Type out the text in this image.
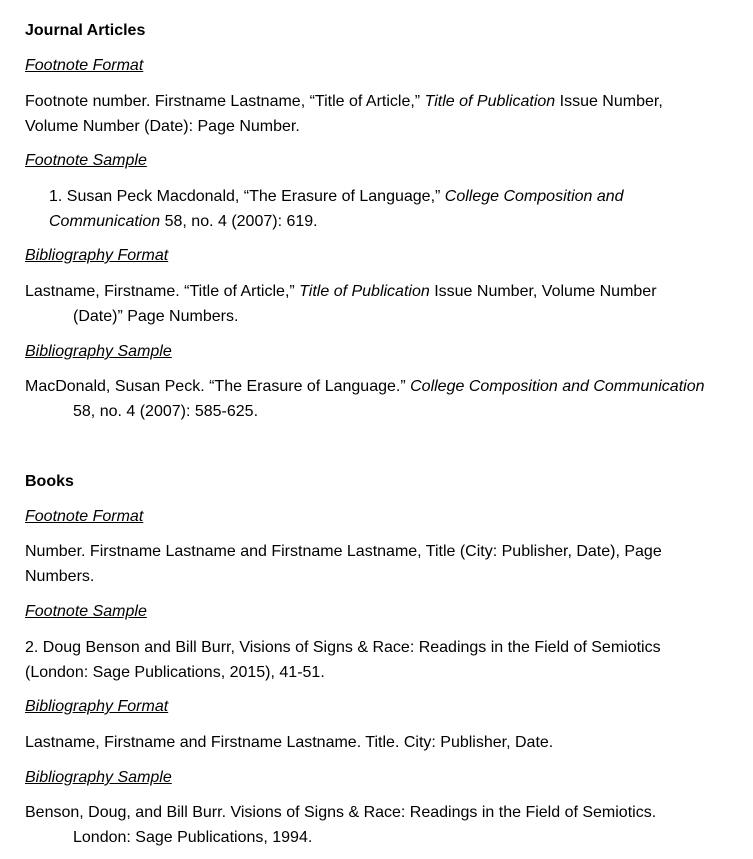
Journal Articles
Footnote Format
Footnote number. Firstname Lastname, “Title of Article,” Title of Publication Issue Number,
Volume Number (Date): Page Number.
Footnote Sample
1. Susan Peck Macdonald, “The Erasure of Language,” College Composition and
Communication 58, no. 4 (2007): 619.
Bibliography Format
Lastname, Firstname. “Title of Article,” Title of Publication Issue Number, Volume Number
(Date)” Page Numbers.
Bibliography Sample
MacDonald, Susan Peck. “The Erasure of Language.” College Composition and Communication
58, no. 4 (2007): 585-625.
Books
Footnote Format
Number. Firstname Lastname and Firstname Lastname, Title (City: Publisher, Date), Page
Numbers.
Footnote Sample
2. Doug Benson and Bill Burr, Visions of Signs & Race: Readings in the Field of Semiotics
(London: Sage Publications, 2015), 41-51.
Bibliography Format
Lastname, Firstname and Firstname Lastname. Title. City: Publisher, Date.
Bibliography Sample
Benson, Doug, and Bill Burr. Visions of Signs & Race: Readings in the Field of Semiotics.
London: Sage Publications, 1994.
